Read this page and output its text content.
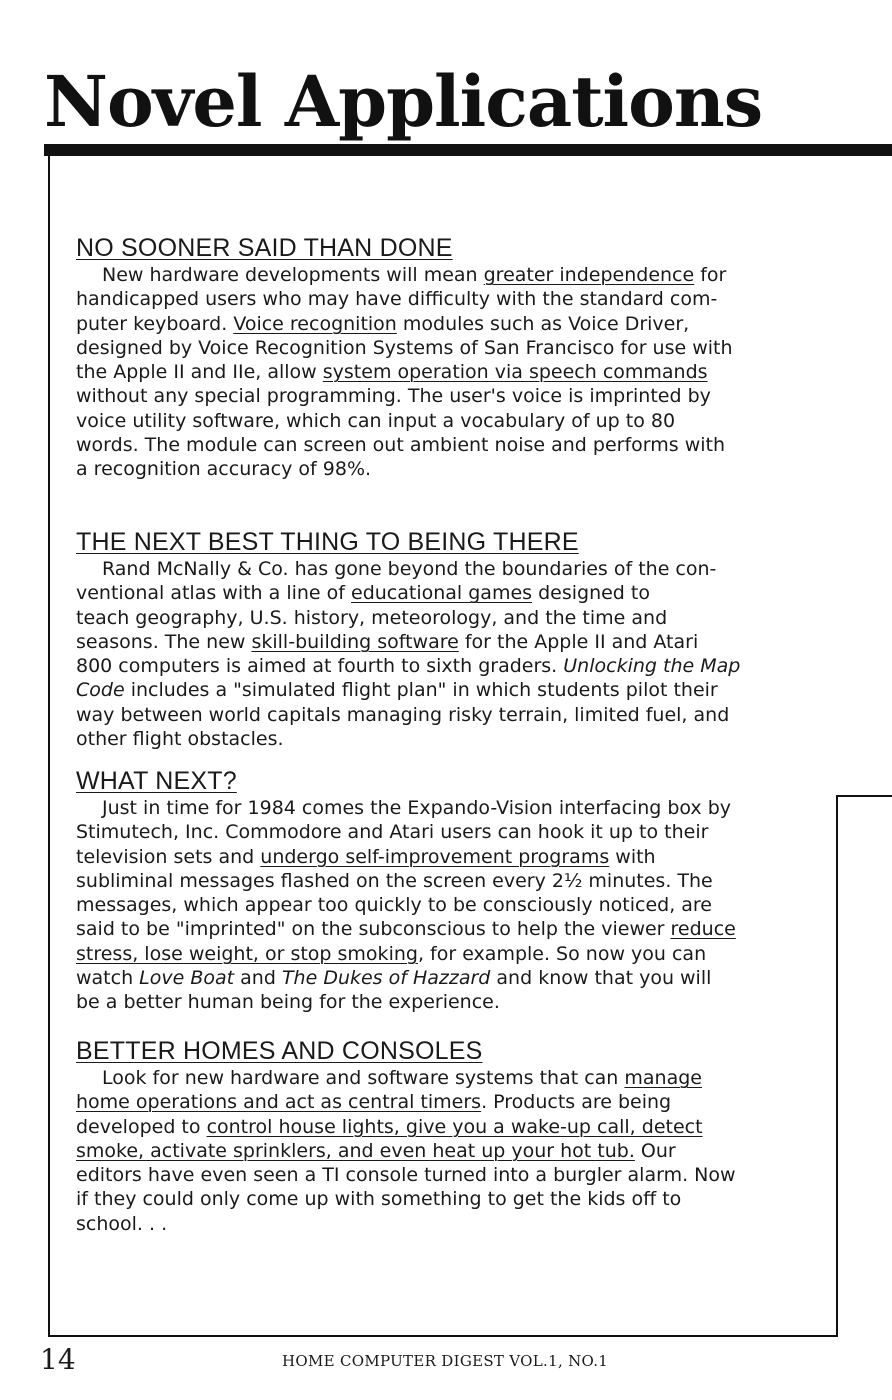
Novel Applications
NO SOONER SAID THAN DONE
New hardware developments will mean greater independence for
handicapped users who may have difficulty with the standard com-
puter keyboard. Voice recognition modules such as Voice Driver,
designed by Voice Recognition Systems of San Francisco for use with
the Apple II and IIe, allow system operation via speech commands
without any special programming. The user's voice is imprinted by
voice utility software, which can input a vocabulary of up to 80
words. The module can screen out ambient noise and performs with
a recognition accuracy of 98%.
THE NEXT BEST THING TO BEING THERE
Rand McNally & Co. has gone beyond the boundaries of the con-
ventional atlas with a line of educational games designed to
teach geography, U.S. history, meteorology, and the time and
seasons. The new skill-building software for the Apple II and Atari
800 computers is aimed at fourth to sixth graders. Unlocking the Map
Code includes a "simulated flight plan" in which students pilot their
way between world capitals managing risky terrain, limited fuel, and
other flight obstacles.
WHAT NEXT?
Just in time for 1984 comes the Expando-Vision interfacing box by
Stimutech, Inc. Commodore and Atari users can hook it up to their
television sets and undergo self-improvement programs with
subliminal messages flashed on the screen every 2½ minutes. The
messages, which appear too quickly to be consciously noticed, are
said to be "imprinted" on the subconscious to help the viewer reduce
stress, lose weight, or stop smoking, for example. So now you can
watch Love Boat and The Dukes of Hazzard and know that you will
be a better human being for the experience.
BETTER HOMES AND CONSOLES
Look for new hardware and software systems that can manage
home operations and act as central timers. Products are being
developed to control house lights, give you a wake-up call, detect
smoke, activate sprinklers, and even heat up your hot tub. Our
editors have even seen a TI console turned into a burgler alarm. Now
if they could only come up with something to get the kids off to
school. . .
14	HOME COMPUTER DIGEST VOL.1, NO.1
